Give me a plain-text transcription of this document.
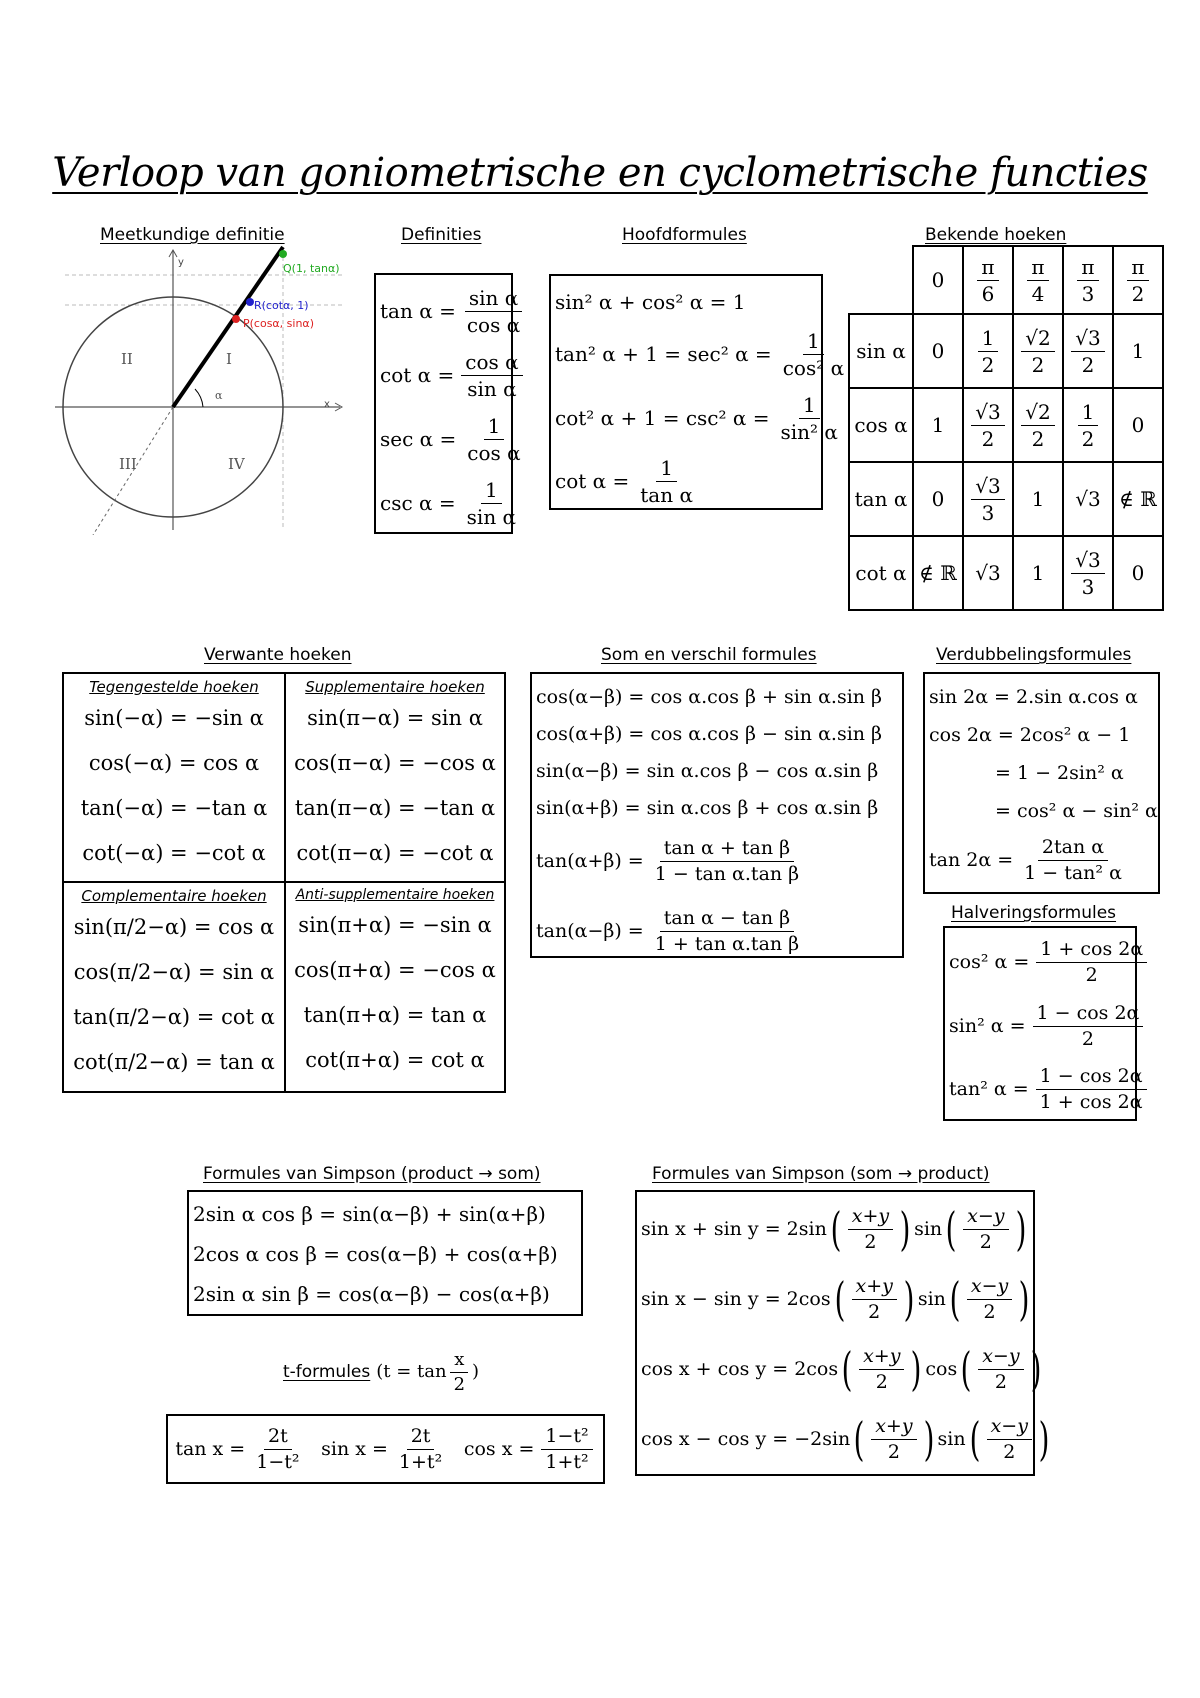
Verloop van goniometrische en cyclometrische functies
Meetkundige definitie
y
x
Q(1, tanα)
R(cotα, 1)
P(cosα, sinα)
I
II
III	IV
α
Definities
$\tan \alpha = \frac{\text{sin α}}{\text{cos α}}$
$\cot \alpha = \frac{\text{cos α}}{\text{sin α}}$
$\sec \alpha = \frac{1}{\text{cos α}}$
$\csc \alpha = \frac{1}{\text{sin α}}$
Hoofdformules
sin² α + cos² α = 1
tan² α + 1 = sec² $\alpha = \frac{1}{\text{cos² α}}$
cot² α + 1 = csc² $\alpha = \frac{1}{\text{sin² α}}$
$\cot \alpha = \frac{1}{\text{tan α}}$
Bekende hoeken
	0	$\frac{\pi}{6}$	$\frac{\pi}{4}$	$\frac{\pi}{3}$	$\frac{\pi}{2}$

sin α	0	$\frac{1}{2}$	$\frac{√2}{2}$	$\frac{√3}{2}$	1
cos α	1	$\frac{√3}{2}$	$\frac{√2}{2}$	$\frac{1}{2}$	0
tan α	0	$\frac{√3}{3}$	1	√3	∉ ℝ
cot α	∉ ℝ	√3	1	$\frac{√3}{3}$	0
Verwante hoeken
Tegengestelde hoeken
sin(−α) = −sin α
cos(−α) = cos α
tan(−α) = −tan α
cot(−α) = −cot α
Supplementaire hoeken
sin(π−α) = sin α
cos(π−α) = −cos α
tan(π−α) = −tan α
cot(π−α) = −cot α
Complementaire hoeken
sin(π/2−α) = cos α
cos(π/2−α) = sin α
tan(π/2−α) = cot α
cot(π/2−α) = tan α
Anti-supplementaire hoeken
sin(π+α) = −sin α
cos(π+α) = −cos α
tan(π+α) = tan α
cot(π+α) = cot α
Som en verschil formules
cos(α−β) = cos α.cos β + sin α.sin β
cos(α+β) = cos α.cos β − sin α.sin β
sin(α−β) = sin α.cos β − cos α.sin β
sin(α+β) = sin α.cos β + cos α.sin β
$\tan(\alpha+\beta) = \frac{\text{tan α + tan β}}{\text{1 − tan α.tan β}}$
$\tan(\alpha-\beta) = \frac{\text{tan α − tan β}}{\text{1 + tan α.tan β}}$
Verdubbelingsformules
sin 2α = 2.sin α.cos α
cos 2α = 2cos² α − 1
= 1 − 2sin² α
= cos² α − sin² α
$\tan 2\alpha = \frac{\text{2tan α}}{\text{1 − tan² α}}$
Halveringsformules
cos² $\alpha = \frac{1 + \cos 2\alpha}{2}$
sin² $\alpha = \frac{1 - \cos 2\alpha}{2}$
tan² $\alpha = \frac{1 - \cos 2\alpha}{1 + \cos 2\alpha}$
Formules van Simpson (product → som)
2sin α cos β = sin(α−β) + sin(α+β)
2cos α cos β = cos(α−β) + cos(α+β)
2sin α sin β = cos(α−β) − cos(α+β)
Formules van Simpson (som → product)
sin x + sin y = 2sin ( $\frac{x+y}{2}$ ) sin ( $\frac{x-y}{2}$ )
sin x − sin y = 2cos ( $\frac{x+y}{2}$ ) sin ( $\frac{x-y}{2}$ )
cos x + cos y = 2cos ( $\frac{x+y}{2}$ ) cos ( $\frac{x-y}{2}$ )
cos x − cos y = −2sin ( $\frac{x+y}{2}$ ) sin ( $\frac{x-y}{2}$ )
t-formules ($t = \tan \frac{x}{2}$ )
$\tan x = \frac{2t}{\text{1−t²}}$ $\sin x = \frac{2t}{\text{1+t²}}$ $\cos x = \frac{\text{1−t²}}{\text{1+t²}}$
